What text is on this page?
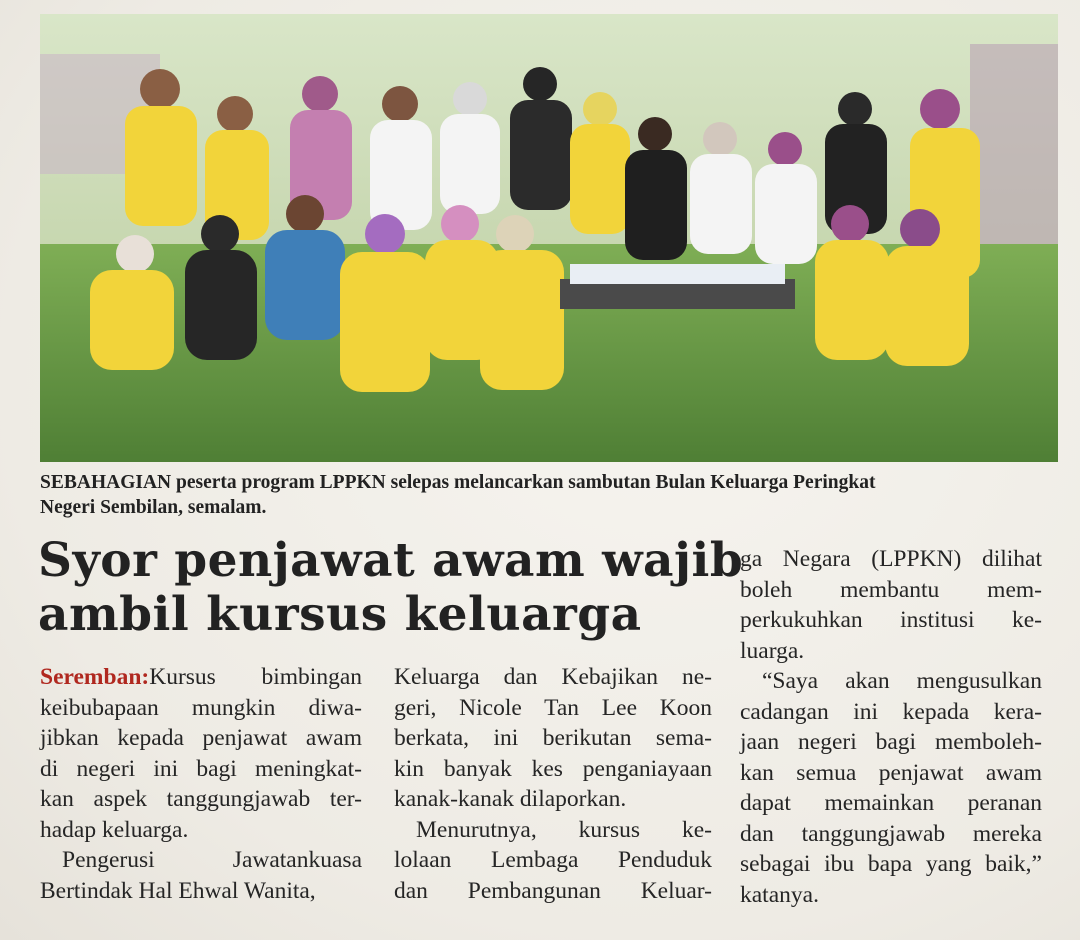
SEBAHAGIAN peserta program LPPKN selepas melancarkan sambutan Bulan Keluarga Peringkat
Negeri Sembilan, semalam.
Syor penjawat awam wajib
ambil kursus keluarga
Seremban:Kursus bimbingan
keibubapaan mungkin diwa-
jibkan kepada penjawat awam
di negeri ini bagi meningkat-
kan aspek tanggungjawab ter-
hadap keluarga.
Pengerusi Jawatankuasa
Bertindak Hal Ehwal Wanita,
Keluarga dan Kebajikan ne-
geri, Nicole Tan Lee Koon
berkata, ini berikutan sema-
kin banyak kes penganiayaan
kanak-kanak dilaporkan.
Menurutnya, kursus ke-
lolaan Lembaga Penduduk
dan Pembangunan Keluar-
ga Negara (LPPKN) dilihat
boleh membantu mem-
perkukuhkan institusi ke-
luarga.
“Saya akan mengusulkan
cadangan ini kepada kera-
jaan negeri bagi memboleh-
kan semua penjawat awam
dapat memainkan peranan
dan tanggungjawab mereka
sebagai ibu bapa yang baik,”
katanya.
